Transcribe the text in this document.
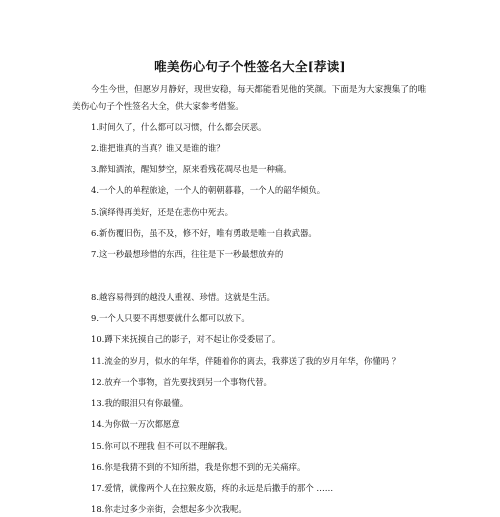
唯美伤心句子个性签名大全[荐读]

今生今世，但愿岁月静好，现世安稳，每天都能看见他的笑颜。下面是为大家搜集了的唯美伤心句子个性签名大全，供大家参考借鉴。

1.时间久了，什么都可以习惯，什么都会厌恶。
2.谁把谁真的当真？谁又是谁的谁？
3.醉知酒浓，醒知梦空，原来看残花凋尽也是一种痛。
4.一个人的单程旅途，一个人的朝朝暮暮，一个人的韶华倾负。
5.演绎得再美好，还是在悲伤中死去。
6.新伤覆旧伤，虽不及，修不好，唯有勇敢是唯一自救武器。
7.这一秒最想珍惜的东西，往往是下一秒最想放弃的
8.越容易得到的越没人重视、珍惜。这就是生活。
9.一个人只要不再想要就什么都可以放下。
10.蹲下来抚摸自己的影子，对不起让你受委屈了。
11.流金的岁月，似水的年华，伴随着你的离去，我葬送了我的岁月年华，你懂吗 ？
12.放弃一个事物，首先要找到另一个事物代替。
13.我的眼泪只有你最懂。
14.为你做一万次都愿意
15.你可以不理我 但不可以不理解我。
16.你是我猜不到的不知所措，我是你想不到的无关痛痒。
17.爱情，就像两个人在拉猴皮筋，疼的永远是后撒手的那个 ……
18.你走过多少亲街，会想起多少次我呢。
